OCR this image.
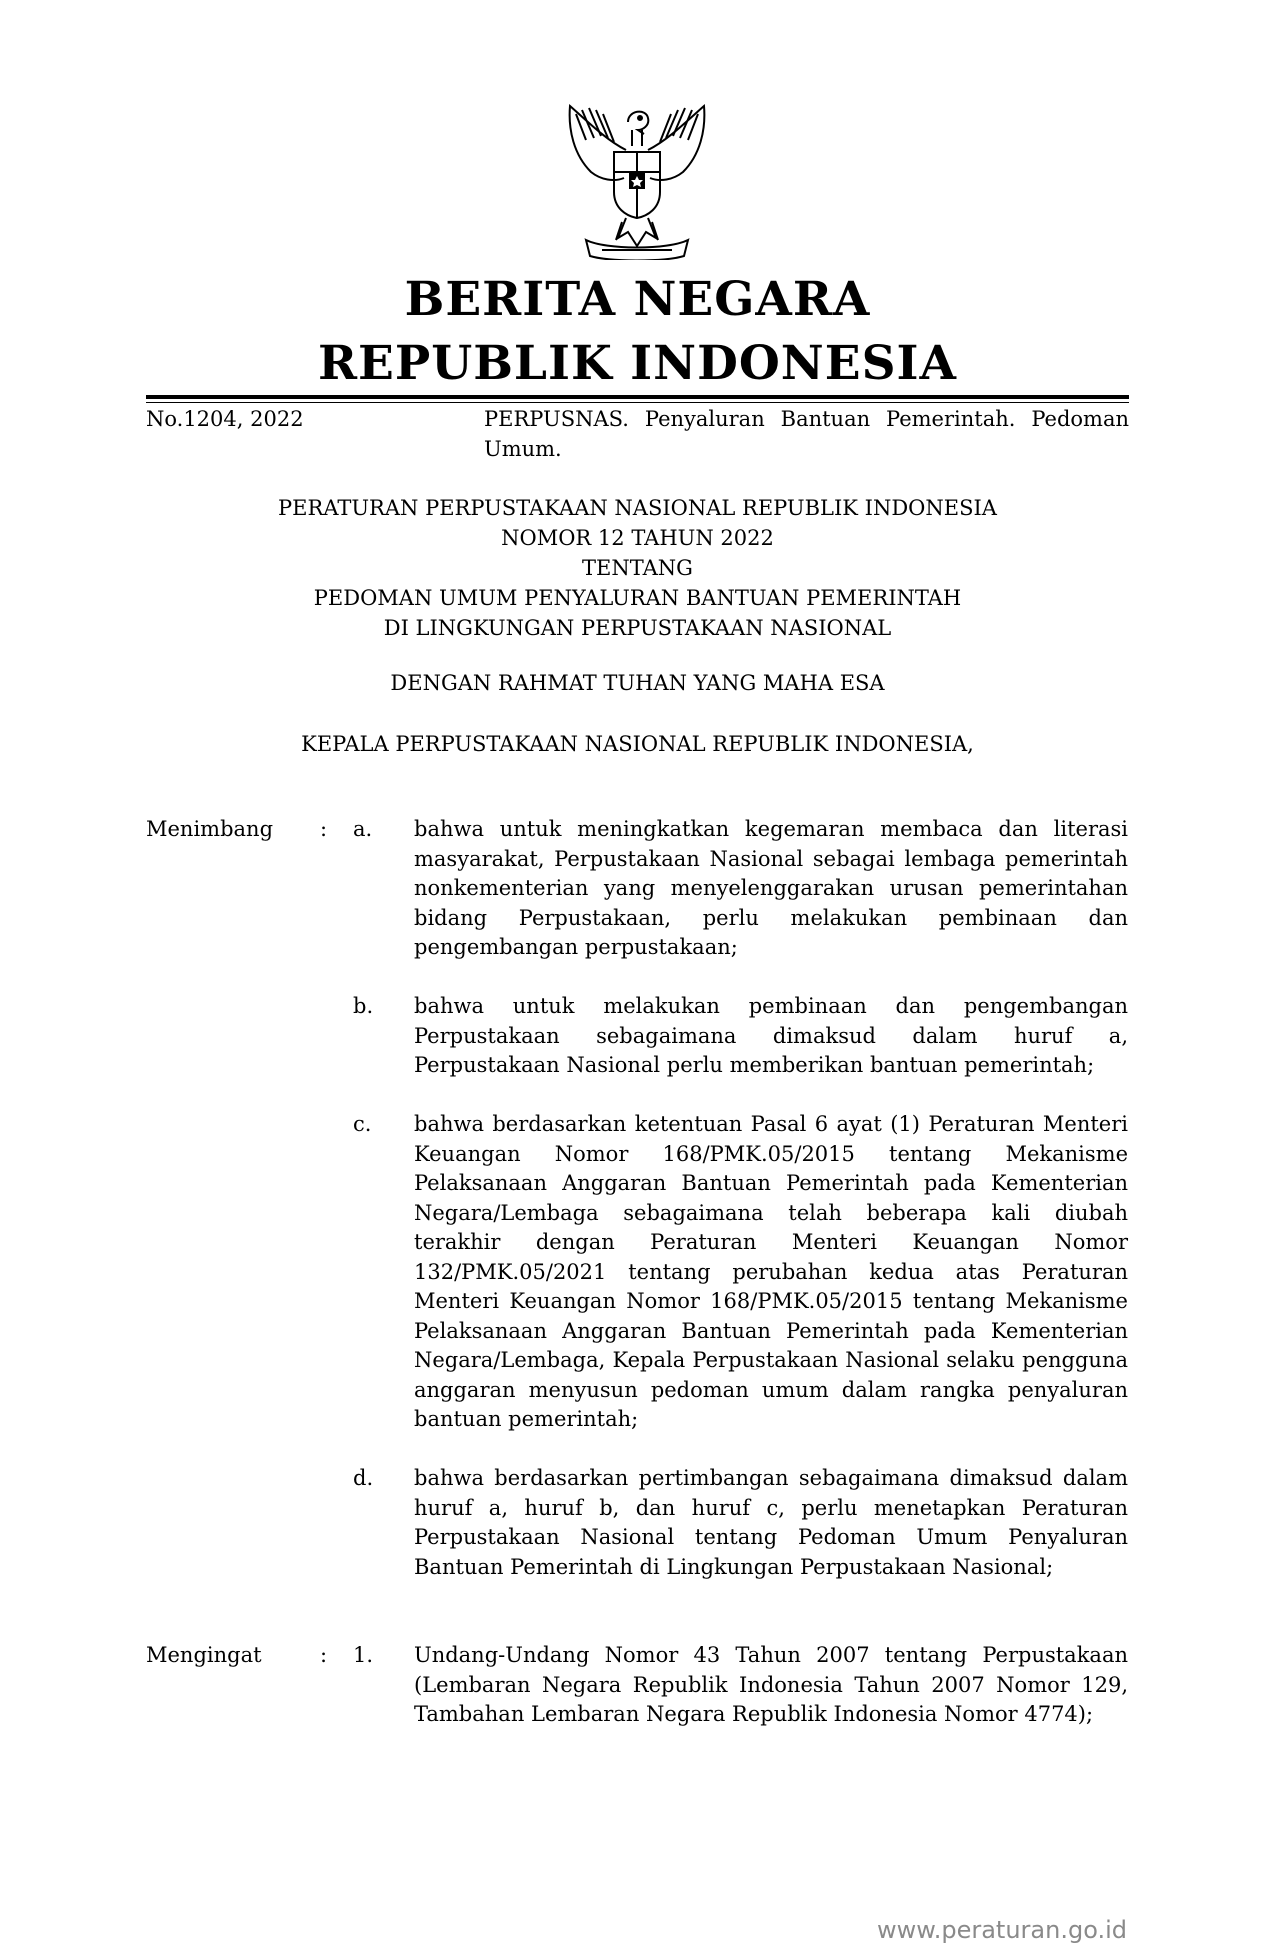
BERITA NEGARA
REPUBLIK INDONESIA
No.1204, 2022	PERPUSNAS. Penyaluran Bantuan Pemerintah. Pedoman Umum.
PERATURAN PERPUSTAKAAN NASIONAL REPUBLIK INDONESIA
NOMOR 12 TAHUN 2022
TENTANG
PEDOMAN UMUM PENYALURAN BANTUAN PEMERINTAH
DI LINGKUNGAN PERPUSTAKAAN NASIONAL
DENGAN RAHMAT TUHAN YANG MAHA ESA
KEPALA PERPUSTAKAAN NASIONAL REPUBLIK INDONESIA,
Menimbang : a. bahwa untuk meningkatkan kegemaran membaca dan literasi masyarakat, Perpustakaan Nasional sebagai lembaga pemerintah nonkementerian yang menyelenggarakan urusan pemerintahan bidang Perpustakaan, perlu melakukan pembinaan dan pengembangan perpustakaan;
b. bahwa untuk melakukan pembinaan dan pengembangan Perpustakaan sebagaimana dimaksud dalam huruf a, Perpustakaan Nasional perlu memberikan bantuan pemerintah;
c. bahwa berdasarkan ketentuan Pasal 6 ayat (1) Peraturan Menteri Keuangan Nomor 168/PMK.05/2015 tentang Mekanisme Pelaksanaan Anggaran Bantuan Pemerintah pada Kementerian Negara/Lembaga sebagaimana telah beberapa kali diubah terakhir dengan Peraturan Menteri Keuangan Nomor 132/PMK.05/2021 tentang perubahan kedua atas Peraturan Menteri Keuangan Nomor 168/PMK.05/2015 tentang Mekanisme Pelaksanaan Anggaran Bantuan Pemerintah pada Kementerian Negara/Lembaga, Kepala Perpustakaan Nasional selaku pengguna anggaran menyusun pedoman umum dalam rangka penyaluran bantuan pemerintah;
d. bahwa berdasarkan pertimbangan sebagaimana dimaksud dalam huruf a, huruf b, dan huruf c, perlu menetapkan Peraturan Perpustakaan Nasional tentang Pedoman Umum Penyaluran Bantuan Pemerintah di Lingkungan Perpustakaan Nasional;
Mengingat	: 1. Undang-Undang Nomor 43 Tahun 2007 tentang Perpustakaan (Lembaran Negara Republik Indonesia Tahun 2007 Nomor 129, Tambahan Lembaran Negara Republik Indonesia Nomor 4774);
www.peraturan.go.id
